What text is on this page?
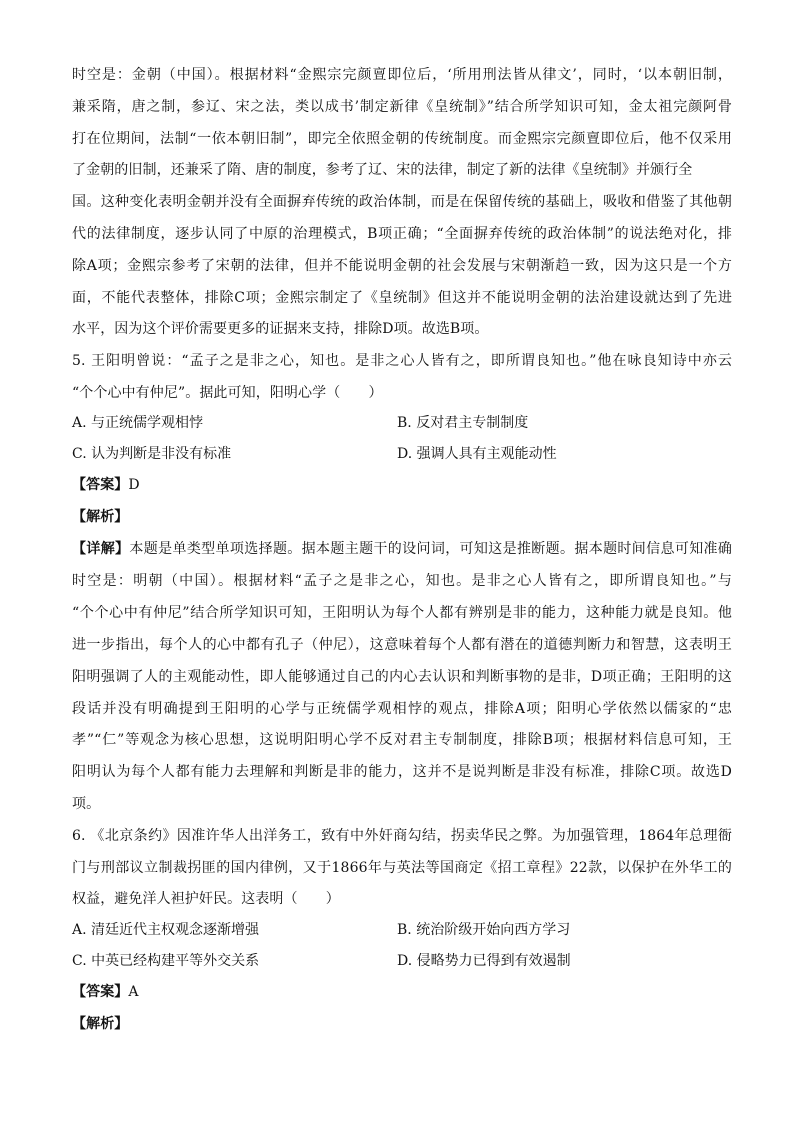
时空是：金朝（中国）。根据材料“金熙宗完颜亶即位后，‘所用刑法皆从律文’，同时，‘以本朝旧制，
兼采隋，唐之制，参辽、宋之法，类以成书’制定新律《皇统制》”结合所学知识可知，金太祖完颜阿骨
打在位期间，法制“一依本朝旧制”，即完全依照金朝的传统制度。而金熙宗完颜亶即位后，他不仅采用
了金朝的旧制，还兼采了隋、唐的制度，参考了辽、宋的法律，制定了新的法律《皇统制》并颁行全
国。这种变化表明金朝并没有全面摒弃传统的政治体制，而是在保留传统的基础上，吸收和借鉴了其他朝
代的法律制度，逐步认同了中原的治理模式，B项正确；“全面摒弃传统的政治体制”的说法绝对化，排
除A项；金熙宗参考了宋朝的法律，但并不能说明金朝的社会发展与宋朝渐趋一致，因为这只是一个方
面，不能代表整体，排除C项；金熙宗制定了《皇统制》但这并不能说明金朝的法治建设就达到了先进
水平，因为这个评价需要更多的证据来支持，排除D项。故选B项。
5. 王阳明曾说：“孟子之是非之心，知也。是非之心人皆有之，即所谓良知也。”他在咏良知诗中亦云
“个个心中有仲尼”。据此可知，阳明心学（　　）
A. 与正统儒学观相悖	B. 反对君主专制制度
C. 认为判断是非没有标准	D. 强调人具有主观能动性
【答案】D
【解析】
【详解】本题是单类型单项选择题。据本题主题干的设问词，可知这是推断题。据本题时间信息可知准确
时空是：明朝（中国）。根据材料“孟子之是非之心，知也。是非之心人皆有之，即所谓良知也。”与
“个个心中有仲尼”结合所学知识可知，王阳明认为每个人都有辨别是非的能力，这种能力就是良知。他
进一步指出，每个人的心中都有孔子（仲尼），这意味着每个人都有潜在的道德判断力和智慧，这表明王
阳明强调了人的主观能动性，即人能够通过自己的内心去认识和判断事物的是非，D项正确；王阳明的这
段话并没有明确提到王阳明的心学与正统儒学观相悖的观点，排除A项；阳明心学依然以儒家的“忠
孝”“仁”等观念为核心思想，这说明阳明心学不反对君主专制制度，排除B项；根据材料信息可知，王
阳明认为每个人都有能力去理解和判断是非的能力，这并不是说判断是非没有标准，排除C项。故选D
项。
6. 《北京条约》因准许华人出洋务工，致有中外奸商勾结，拐卖华民之弊。为加强管理，1864年总理衙
门与刑部议立制裁拐匪的国内律例，又于1866年与英法等国商定《招工章程》22款，以保护在外华工的
权益，避免洋人袒护奸民。这表明（　　）
A. 清廷近代主权观念逐渐增强	B. 统治阶级开始向西方学习
C. 中英已经构建平等外交关系	D. 侵略势力已得到有效遏制
【答案】A
【解析】
